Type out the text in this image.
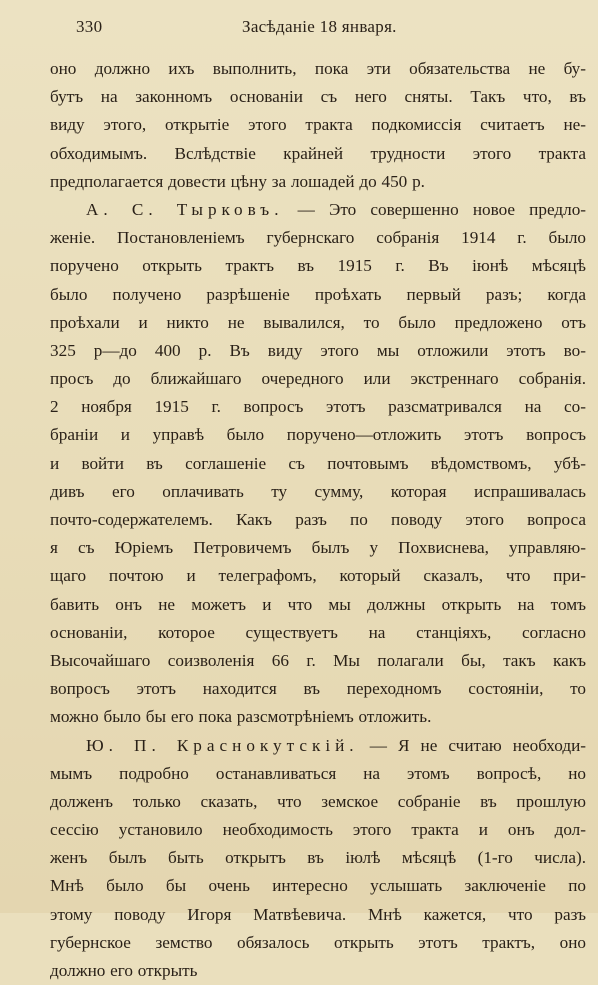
330	Засѣданіе 18 января.
оно должно ихъ выполнить, пока эти обязательства не бу-
бутъ на законномъ основаніи съ него сняты. Такъ что, въ
виду этого, открытіе этого тракта подкомиссія считаетъ не-
обходимымъ. Вслѣдствіе крайней трудности этого тракта
предполагается довести цѣну за лошадей до 450 р.
А. С. Тырковъ. — Это совершенно новое предло-
женіе. Постановленіемъ губернскаго собранія 1914 г. было
поручено открыть трактъ въ 1915 г. Въ іюнѣ мѣсяцѣ
было получено разрѣшеніе проѣхать первый разъ; когда
проѣхали и никто не вывалился, то было предложено отъ
325 р—до 400 р. Въ виду этого мы отложили этотъ во-
просъ до ближайшаго очередного или экстреннаго собранія.
2 ноября 1915 г. вопросъ этотъ разсматривался на со-
браніи и управѣ было поручено—отложить этотъ вопросъ
и войти въ соглашеніе съ почтовымъ вѣдомствомъ, убѣ-
дивъ его оплачивать ту сумму, которая испрашивалась
почто-содержателемъ. Какъ разъ по поводу этого вопроса
я съ Юріемъ Петровичемъ былъ у Похвиснева, управляю-
щаго почтою и телеграфомъ, который сказалъ, что при-
бавить онъ не можетъ и что мы должны открыть на томъ
основаніи, которое существуетъ на станціяхъ, согласно
Высочайшаго соизволенія 66 г. Мы полагали бы, такъ какъ
вопросъ этотъ находится въ переходномъ состояніи, то
можно было бы его пока разсмотрѣніемъ отложить.
Ю. П. Краснокутскій. — Я не считаю необходи-
мымъ подробно останавливаться на этомъ вопросѣ, но
долженъ только сказать, что земское собраніе въ прошлую
сессію установило необходимость этого тракта и онъ дол-
женъ былъ быть открытъ въ іюлѣ мѣсяцѣ (1-го числа).
Мнѣ было бы очень интересно услышать заключеніе по
этому поводу Игоря Матвѣевича. Мнѣ кажется, что разъ
губернское земство обязалось открыть этотъ трактъ, оно
должно его открыть
